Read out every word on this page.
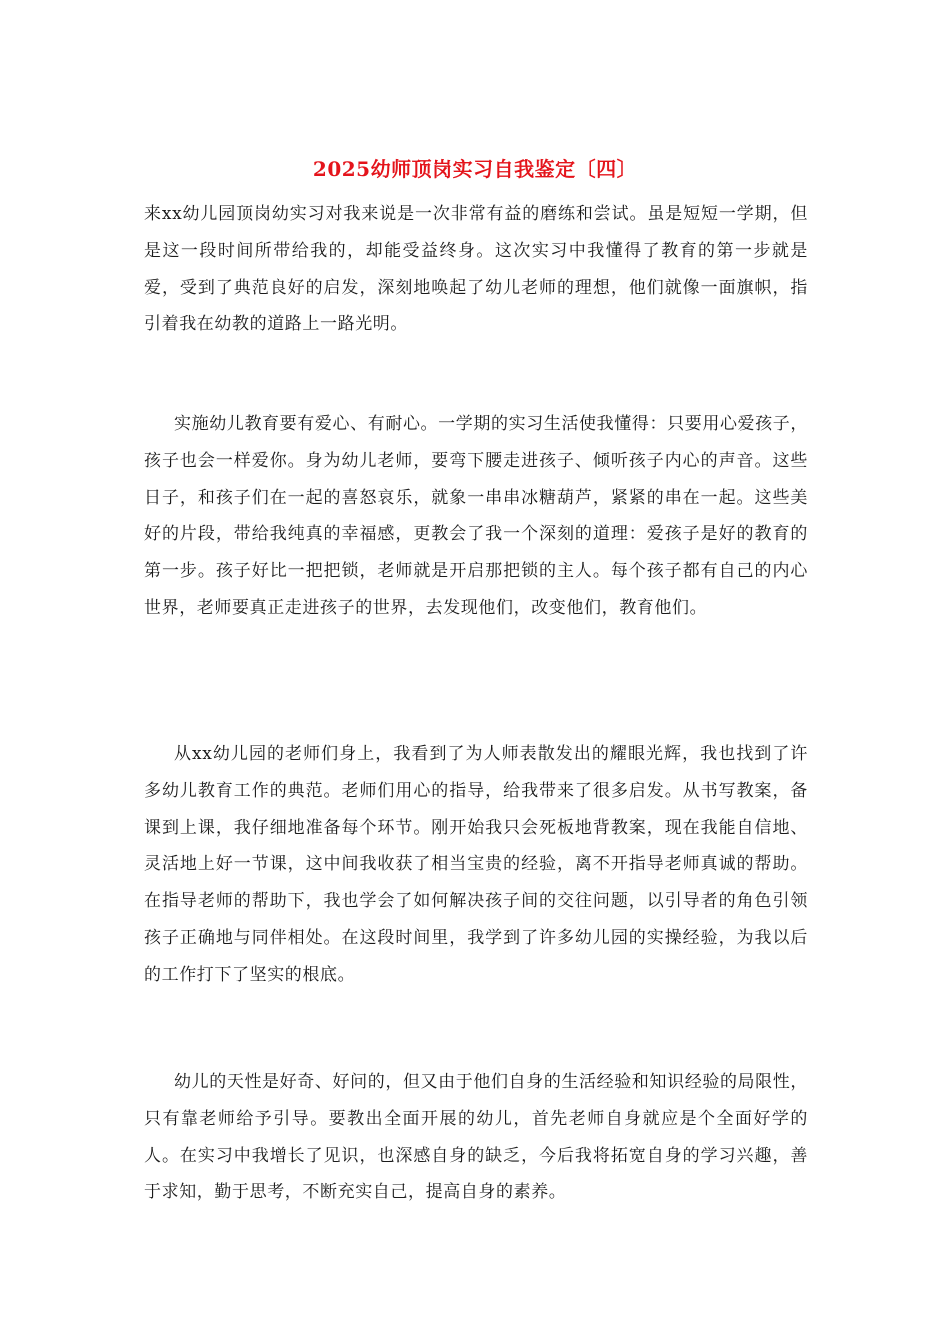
2025幼师顶岗实习自我鉴定〔四〕

来xx幼儿园顶岗幼实习对我来说是一次非常有益的磨练和尝试。虽是短短一学期，但是这一段时间所带给我的，却能受益终身。这次实习中我懂得了教育的第一步就是爱，受到了典范良好的启发，深刻地唤起了幼儿老师的理想，他们就像一面旗帜，指引着我在幼教的道路上一路光明。

实施幼儿教育要有爱心、有耐心。一学期的实习生活使我懂得：只要用心爱孩子，孩子也会一样爱你。身为幼儿老师，要弯下腰走进孩子、倾听孩子内心的声音。这些日子，和孩子们在一起的喜怒哀乐，就象一串串冰糖葫芦，紧紧的串在一起。这些美好的片段，带给我纯真的幸福感，更教会了我一个深刻的道理：爱孩子是好的教育的第一步。孩子好比一把把锁，老师就是开启那把锁的主人。每个孩子都有自己的内心世界，老师要真正走进孩子的世界，去发现他们，改变他们，教育他们。

从xx幼儿园的老师们身上，我看到了为人师表散发出的耀眼光辉，我也找到了许多幼儿教育工作的典范。老师们用心的指导，给我带来了很多启发。从书写教案，备课到上课，我仔细地准备每个环节。刚开始我只会死板地背教案，现在我能自信地、灵活地上好一节课，这中间我收获了相当宝贵的经验，离不开指导老师真诚的帮助。在指导老师的帮助下，我也学会了如何解决孩子间的交往问题，以引导者的角色引领孩子正确地与同伴相处。在这段时间里，我学到了许多幼儿园的实操经验，为我以后的工作打下了坚实的根底。

幼儿的天性是好奇、好问的，但又由于他们自身的生活经验和知识经验的局限性，只有靠老师给予引导。要教出全面开展的幼儿，首先老师自身就应是个全面好学的人。在实习中我增长了见识，也深感自身的缺乏，今后我将拓宽自身的学习兴趣，善于求知，勤于思考，不断充实自己，提高自身的素养。
